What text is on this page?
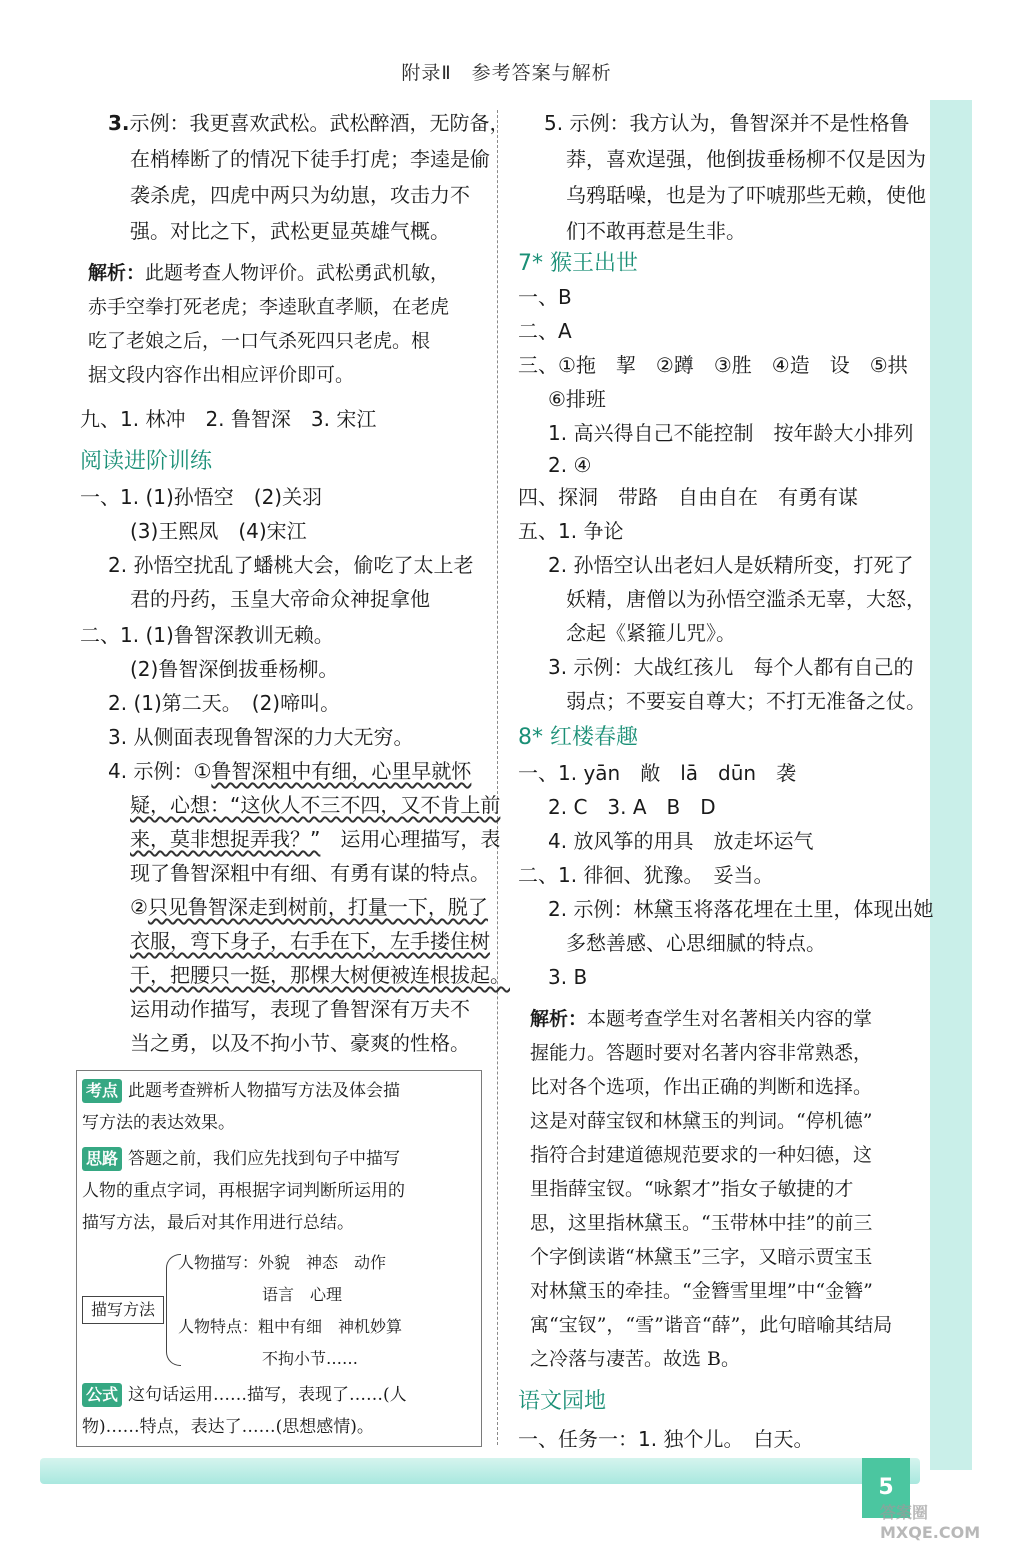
附录Ⅱ　参考答案与解析
3.示例：我更喜欢武松。武松醉酒，无防备，
在梢棒断了的情况下徒手打虎；李逵是偷
袭杀虎，四虎中两只为幼崽，攻击力不
强。对比之下，武松更显英雄气概。
解析：此题考查人物评价。武松勇武机敏，
赤手空拳打死老虎；李逵耿直孝顺，在老虎
吃了老娘之后，一口气杀死四只老虎。根
据文段内容作出相应评价即可。
九、1. 林冲　2. 鲁智深　3. 宋江
阅读进阶训练
一、1. (1)孙悟空　(2)关羽
(3)王熙凤　(4)宋江
2. 孙悟空扰乱了蟠桃大会，偷吃了太上老
君的丹药，玉皇大帝命众神捉拿他
二、1. (1)鲁智深教训无赖。
(2)鲁智深倒拔垂杨柳。
2. (1)第二天。　(2)啼叫。
3. 从侧面表现鲁智深的力大无穷。
4. 示例：①鲁智深粗中有细，心里早就怀
疑，心想：“这伙人不三不四，又不肯上前
来，莫非想捉弄我？”　运用心理描写，表
现了鲁智深粗中有细、有勇有谋的特点。
②只见鲁智深走到树前，打量一下，脱了
衣服，弯下身子，右手在下，左手搂住树
干，把腰只一挺，那棵大树便被连根拔起。
运用动作描写，表现了鲁智深有万夫不
当之勇，以及不拘小节、豪爽的性格。
考点 此题考查辨析人物描写方法及体会描
写方法的表达效果。
思路 答题之前，我们应先找到句子中描写
人物的重点字词，再根据字词判断所运用的
描写方法，最后对其作用进行总结。
描写方法
人物描写：外貌　神态　动作
语言　心理
人物特点：粗中有细　神机妙算
不拘小节……
公式 这句话运用……描写，表现了……(人
物)……特点，表达了……(思想感情)。
5. 示例：我方认为，鲁智深并不是性格鲁
莽，喜欢逞强，他倒拔垂杨柳不仅是因为
乌鸦聒噪，也是为了吓唬那些无赖，使他
们不敢再惹是生非。
7* 猴王出世
一、B
二、A
三、①拖　挈　②蹲　③胜　④造　设　⑤拱
⑥排班
1. 高兴得自己不能控制　按年龄大小排列
2. ④
四、探洞　带路　自由自在　有勇有谋
五、1. 争论
2. 孙悟空认出老妇人是妖精所变，打死了
妖精，唐僧以为孙悟空滥杀无辜，大怒，
念起《紧箍儿咒》。
3. 示例：大战红孩儿　每个人都有自己的
弱点；不要妄自尊大；不打无准备之仗。
8* 红楼春趣
一、1. yān　敞　lā　dūn　袭
2. C　3. A　B　D
4. 放风筝的用具　放走坏运气
二、1. 徘徊、犹豫。　妥当。
2. 示例：林黛玉将落花埋在土里，体现出她
多愁善感、心思细腻的特点。
3. B
解析：本题考查学生对名著相关内容的掌
握能力。答题时要对名著内容非常熟悉，
比对各个选项，作出正确的判断和选择。
这是对薛宝钗和林黛玉的判词。“停机德”
指符合封建道德规范要求的一种妇德，这
里指薛宝钗。“咏絮才”指女子敏捷的才
思，这里指林黛玉。“玉带林中挂”的前三
个字倒读谐“林黛玉”三字，又暗示贾宝玉
对林黛玉的牵挂。“金簪雪里埋”中“金簪”
寓“宝钗”，“雪”谐音“薛”，此句暗喻其结局
之冷落与凄苦。故选 B。
语文园地
一、任务一：1. 独个儿。　白天。
5
答案圈 MXQE.COM
